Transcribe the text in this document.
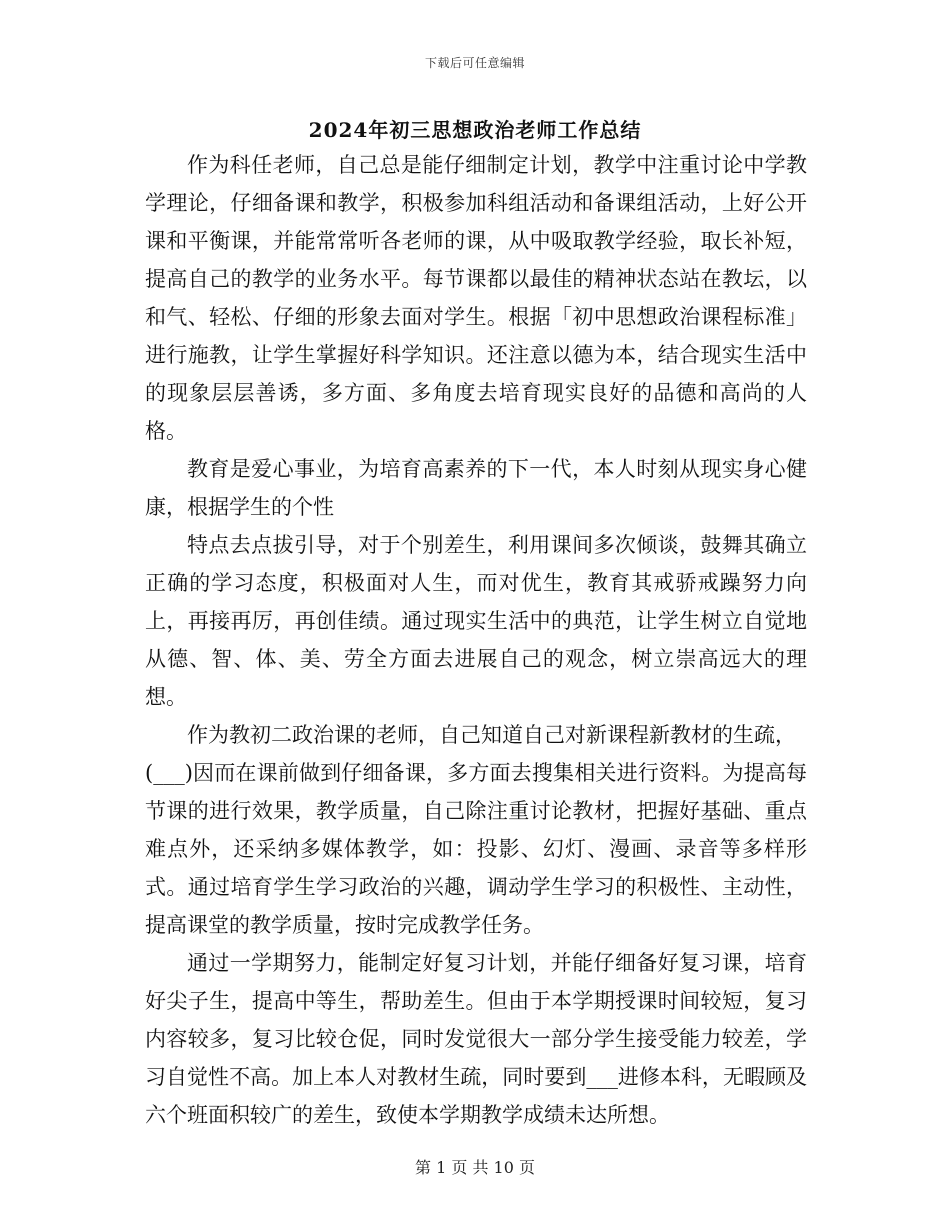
下载后可任意编辑
2024年初三思想政治老师工作总结

作为科任老师，自己总是能仔细制定计划，教学中注重讨论中学教学理论，仔细备课和教学，积极参加科组活动和备课组活动，上好公开课和平衡课，并能常常听各老师的课，从中吸取教学经验，取长补短，提高自己的教学的业务水平。每节课都以最佳的精神状态站在教坛，以和气、轻松、仔细的形象去面对学生。根据「初中思想政治课程标准」进行施教，让学生掌握好科学知识。还注意以德为本，结合现实生活中的现象层层善诱，多方面、多角度去培育现实良好的品德和高尚的人格。

教育是爱心事业，为培育高素养的下一代，本人时刻从现实身心健康，根据学生的个性

特点去点拔引导，对于个别差生，利用课间多次倾谈，鼓舞其确立正确的学习态度，积极面对人生，而对优生，教育其戒骄戒躁努力向上，再接再厉，再创佳绩。通过现实生活中的典范，让学生树立自觉地从德、智、体、美、劳全方面去进展自己的观念，树立崇高远大的理想。

作为教初二政治课的老师，自己知道自己对新课程新教材的生疏，

(___)因而在课前做到仔细备课，多方面去搜集相关进行资料。为提高每节课的进行效果，教学质量，自己除注重讨论教材，把握好基础、重点难点外，还采纳多媒体教学，如：投影、幻灯、漫画、录音等多样形式。通过培育学生学习政治的兴趣，调动学生学习的积极性、主动性，提高课堂的教学质量，按时完成教学任务。

通过一学期努力，能制定好复习计划，并能仔细备好复习课，培育好尖子生，提高中等生，帮助差生。但由于本学期授课时间较短，复习内容较多，复习比较仓促，同时发觉很大一部分学生接受能力较差，学习自觉性不高。加上本人对教材生疏，同时要到___进修本科，无暇顾及六个班面积较广的差生，致使本学期教学成绩未达所想。

第 1 页 共 10 页
